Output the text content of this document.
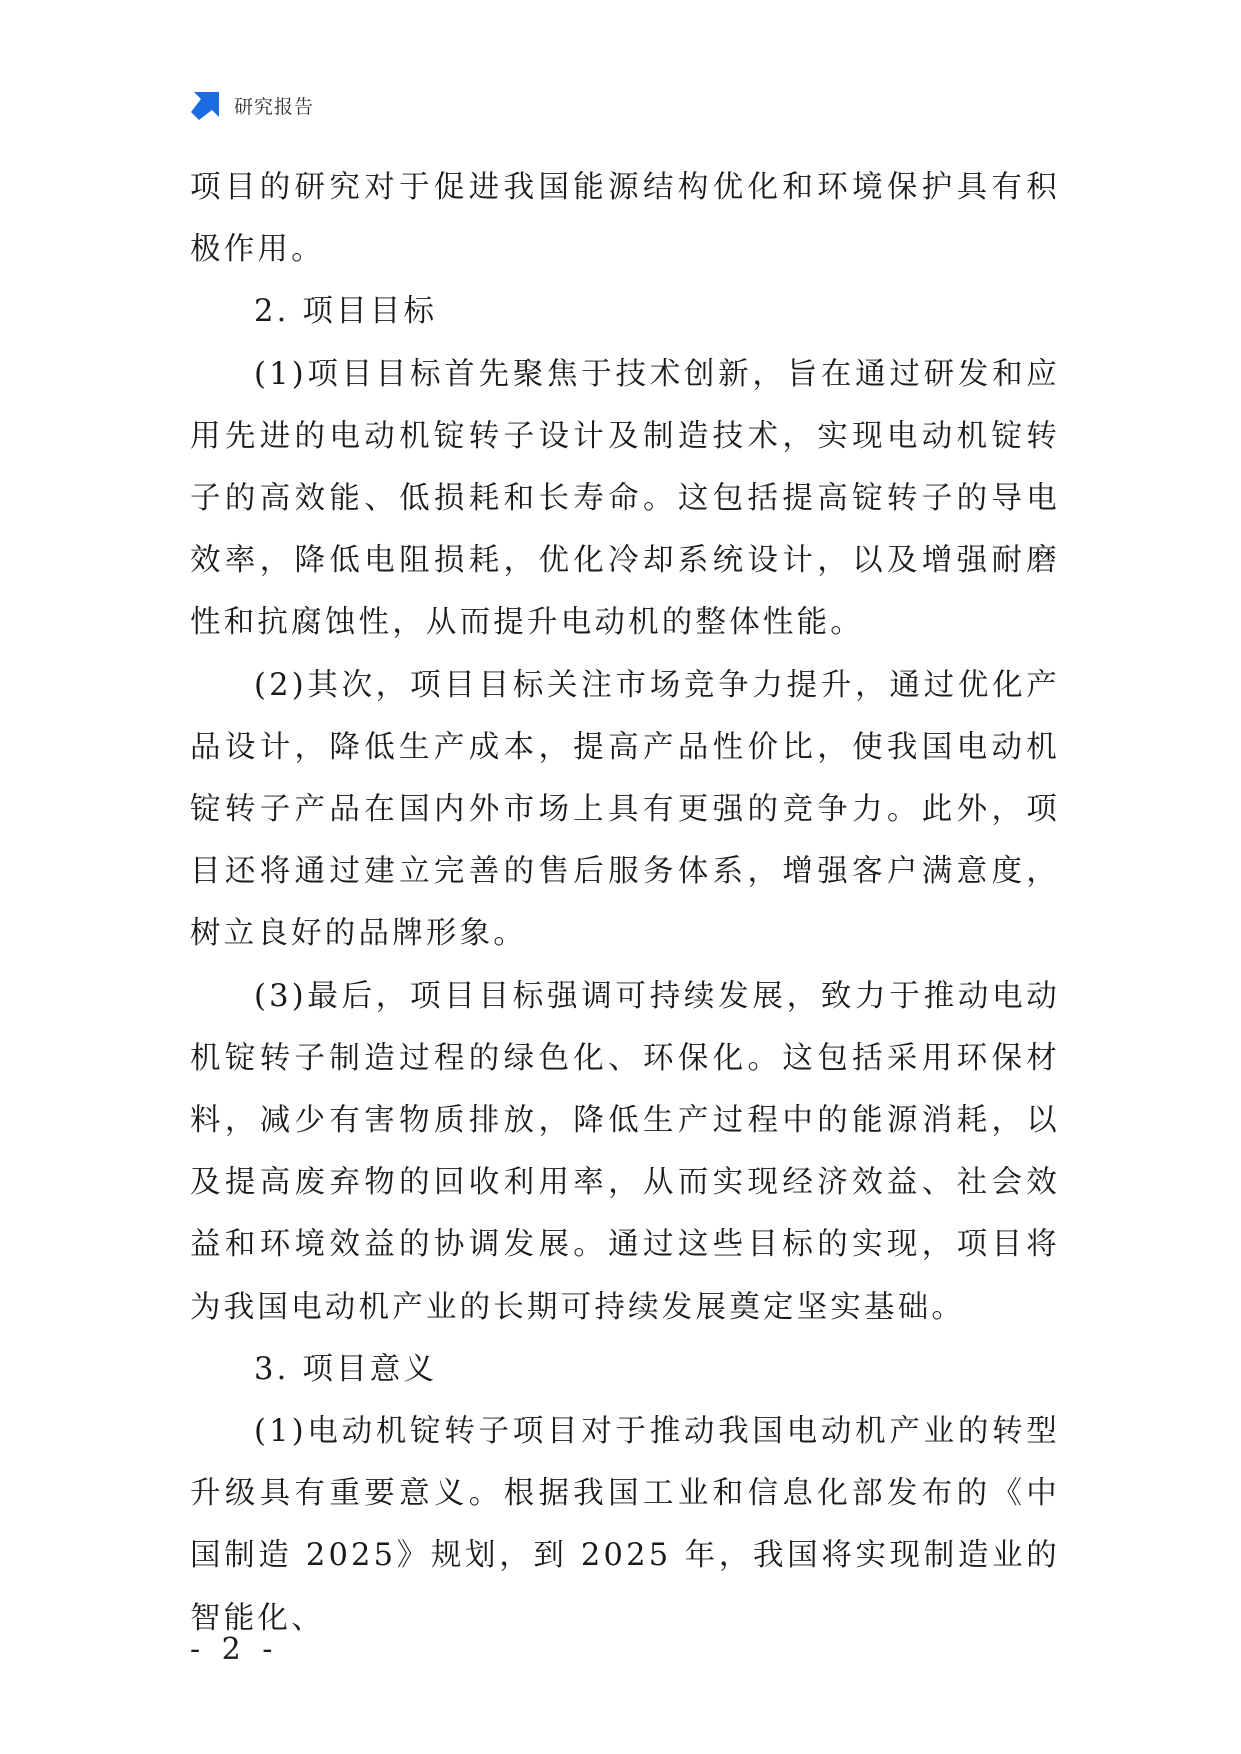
研究报告

项目的研究对于促进我国能源结构优化和环境保护具有积极作用。

2. 项目目标

(1)项目目标首先聚焦于技术创新，旨在通过研发和应用先进的电动机锭转子设计及制造技术，实现电动机锭转子的高效能、低损耗和长寿命。这包括提高锭转子的导电效率，降低电阻损耗，优化冷却系统设计，以及增强耐磨性和抗腐蚀性，从而提升电动机的整体性能。

(2)其次，项目目标关注市场竞争力提升，通过优化产品设计，降低生产成本，提高产品性价比，使我国电动机锭转子产品在国内外市场上具有更强的竞争力。此外，项目还将通过建立完善的售后服务体系，增强客户满意度，树立良好的品牌形象。

(3)最后，项目目标强调可持续发展，致力于推动电动机锭转子制造过程的绿色化、环保化。这包括采用环保材料，减少有害物质排放，降低生产过程中的能源消耗，以及提高废弃物的回收利用率，从而实现经济效益、社会效益和环境效益的协调发展。通过这些目标的实现，项目将为我国电动机产业的长期可持续发展奠定坚实基础。

3. 项目意义

(1)电动机锭转子项目对于推动我国电动机产业的转型升级具有重要意义。根据我国工业和信息化部发布的《中国制造 2025》规划，到 2025 年，我国将实现制造业的智能化、

- 2 -
